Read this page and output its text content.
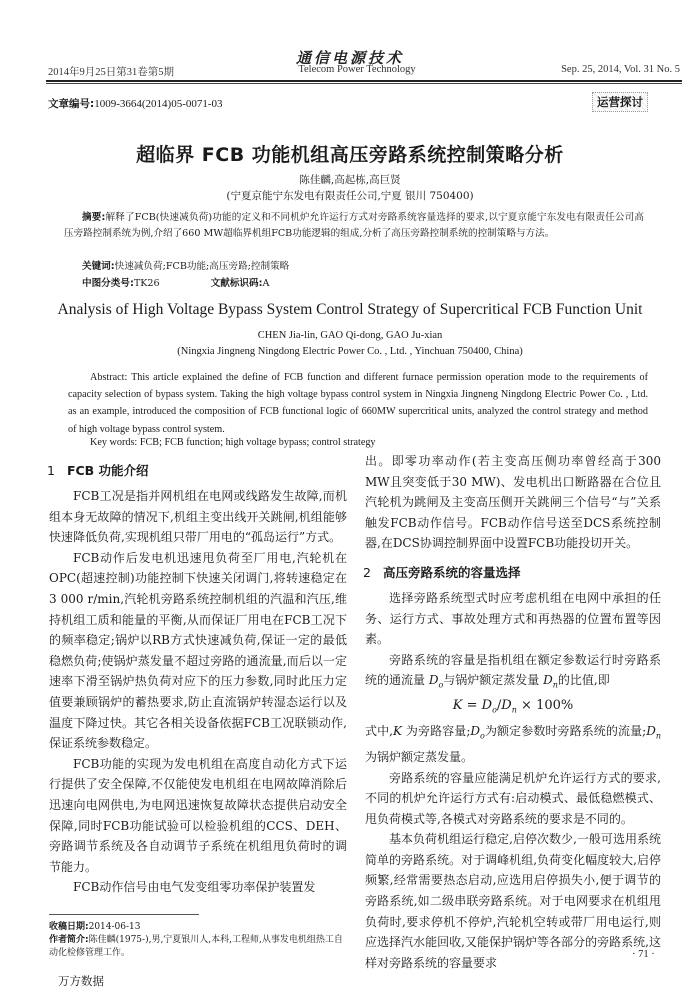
通信电源技术
2014年9月25日第31卷第5期	Telecom Power Technology	Sep. 25, 2014, Vol. 31 No. 5
文章编号:1009-3664(2014)05-0071-03	运营探讨
超临界 FCB 功能机组高压旁路系统控制策略分析
陈佳麟,高起栋,高巨贤
(宁夏京能宁东发电有限责任公司,宁夏 银川 750400)
摘要:解释了FCB(快速减负荷)功能的定义和不同机炉允许运行方式对旁路系统容量选择的要求,以宁夏京能宁东发电有限责任公司高压旁路控制系统为例,介绍了660 MW超临界机组FCB功能逻辑的组成,分析了高压旁路控制系统的控制策略与方法。
关键词:快速减负荷;FCB功能;高压旁路;控制策略
中图分类号:TK26	文献标识码:A
Analysis of High Voltage Bypass System Control Strategy of Supercritical FCB Function Unit
CHEN Jia-lin, GAO Qi-dong, GAO Ju-xian
(Ningxia Jingneng Ningdong Electric Power Co. , Ltd. , Yinchuan 750400, China)
Abstract: This article explained the define of FCB function and different furnace permission operation mode to the requirements of capacity selection of bypass system. Taking the high voltage bypass control system in Ningxia Jingneng Ningdong Electric Power Co. , Ltd. as an example, introduced the composition of FCB functional logic of 660MW supercritical units, analyzed the control strategy and method of high voltage bypass control system.
Key words: FCB; FCB function; high voltage bypass; control strategy
1 FCB 功能介绍

FCB工况是指并网机组在电网或线路发生故障,而机组本身无故障的情况下,机组主变出线开关跳闸,机组能够快速降低负荷,实现机组只带厂用电的“孤岛运行”方式。

FCB动作后发电机迅速甩负荷至厂用电,汽轮机在OPC(超速控制)功能控制下快速关闭调门,将转速稳定在3 000 r/min,汽轮机旁路系统控制机组的汽温和汽压,维持机组工质和能量的平衡,从而保证厂用电在FCB工况下的频率稳定;锅炉以RB方式快速减负荷,保证一定的最低稳燃负荷;使锅炉蒸发量不超过旁路的通流量,而后以一定速率下滑至锅炉热负荷对应下的压力参数,同时此压力定值要兼顾锅炉的蓄热要求,防止直流锅炉转湿态运行以及温度下降过快。其它各相关设备依据FCB工况联锁动作,保证系统参数稳定。

FCB功能的实现为发电机组在高度自动化方式下运行提供了安全保障,不仅能使发电机组在电网故障消除后迅速向电网供电,为电网迅速恢复故障状态提供启动安全保障,同时FCB功能试验可以检验机组的CCS、DEH、旁路调节系统及各自动调节子系统在机组甩负荷时的调节能力。

FCB动作信号由电气发变组零功率保护装置发

出。即零功率动作(若主变高压侧功率曾经高于300 MW且突变低于30 MW)、发电机出口断路器在合位且汽轮机为跳闸及主变高压侧开关跳闸三个信号“与”关系触发FCB动作信号。FCB动作信号送至DCS系统控制器,在DCS协调控制界面中设置FCB功能投切开关。

2 高压旁路系统的容量选择

选择旁路系统型式时应考虑机组在电网中承担的任务、运行方式、事故处理方式和再热器的位置布置等因素。

旁路系统的容量是指机组在额定参数运行时旁路系统的通流量 $D_o$与锅炉额定蒸发量 $D_n$的比值,即

$K = D_o/D_n \times 100\%$

式中,K 为旁路容量$;D_o$为额定参数时旁路系统的流量$;D_n$为锅炉额定蒸发量。

旁路系统的容量应能满足机炉允许运行方式的要求,不同的机炉允许运行方式有:启动模式、最低稳燃模式、甩负荷模式等,各模式对旁路系统的要求是不同的。

基本负荷机组运行稳定,启停次数少,一般可选用系统简单的旁路系统。对于调峰机组,负荷变化幅度较大,启停频繁,经常需要热态启动,应选用启停损失小,便于调节的旁路系统,如二级串联旁路系统。对于电网要求在机组甩负荷时,要求停机不停炉,汽轮机空转或带厂用电运行,则应选择汽水能回收,又能保护锅炉等各部分的旁路系统,这样对旁路系统的容量要求

收稿日期:2014-06-13
作者简介:陈佳麟(1975-),男,宁夏银川人,本科,工程师,从事发电机组热工自动化检修管理工作。	· 71 ·
万方数据
